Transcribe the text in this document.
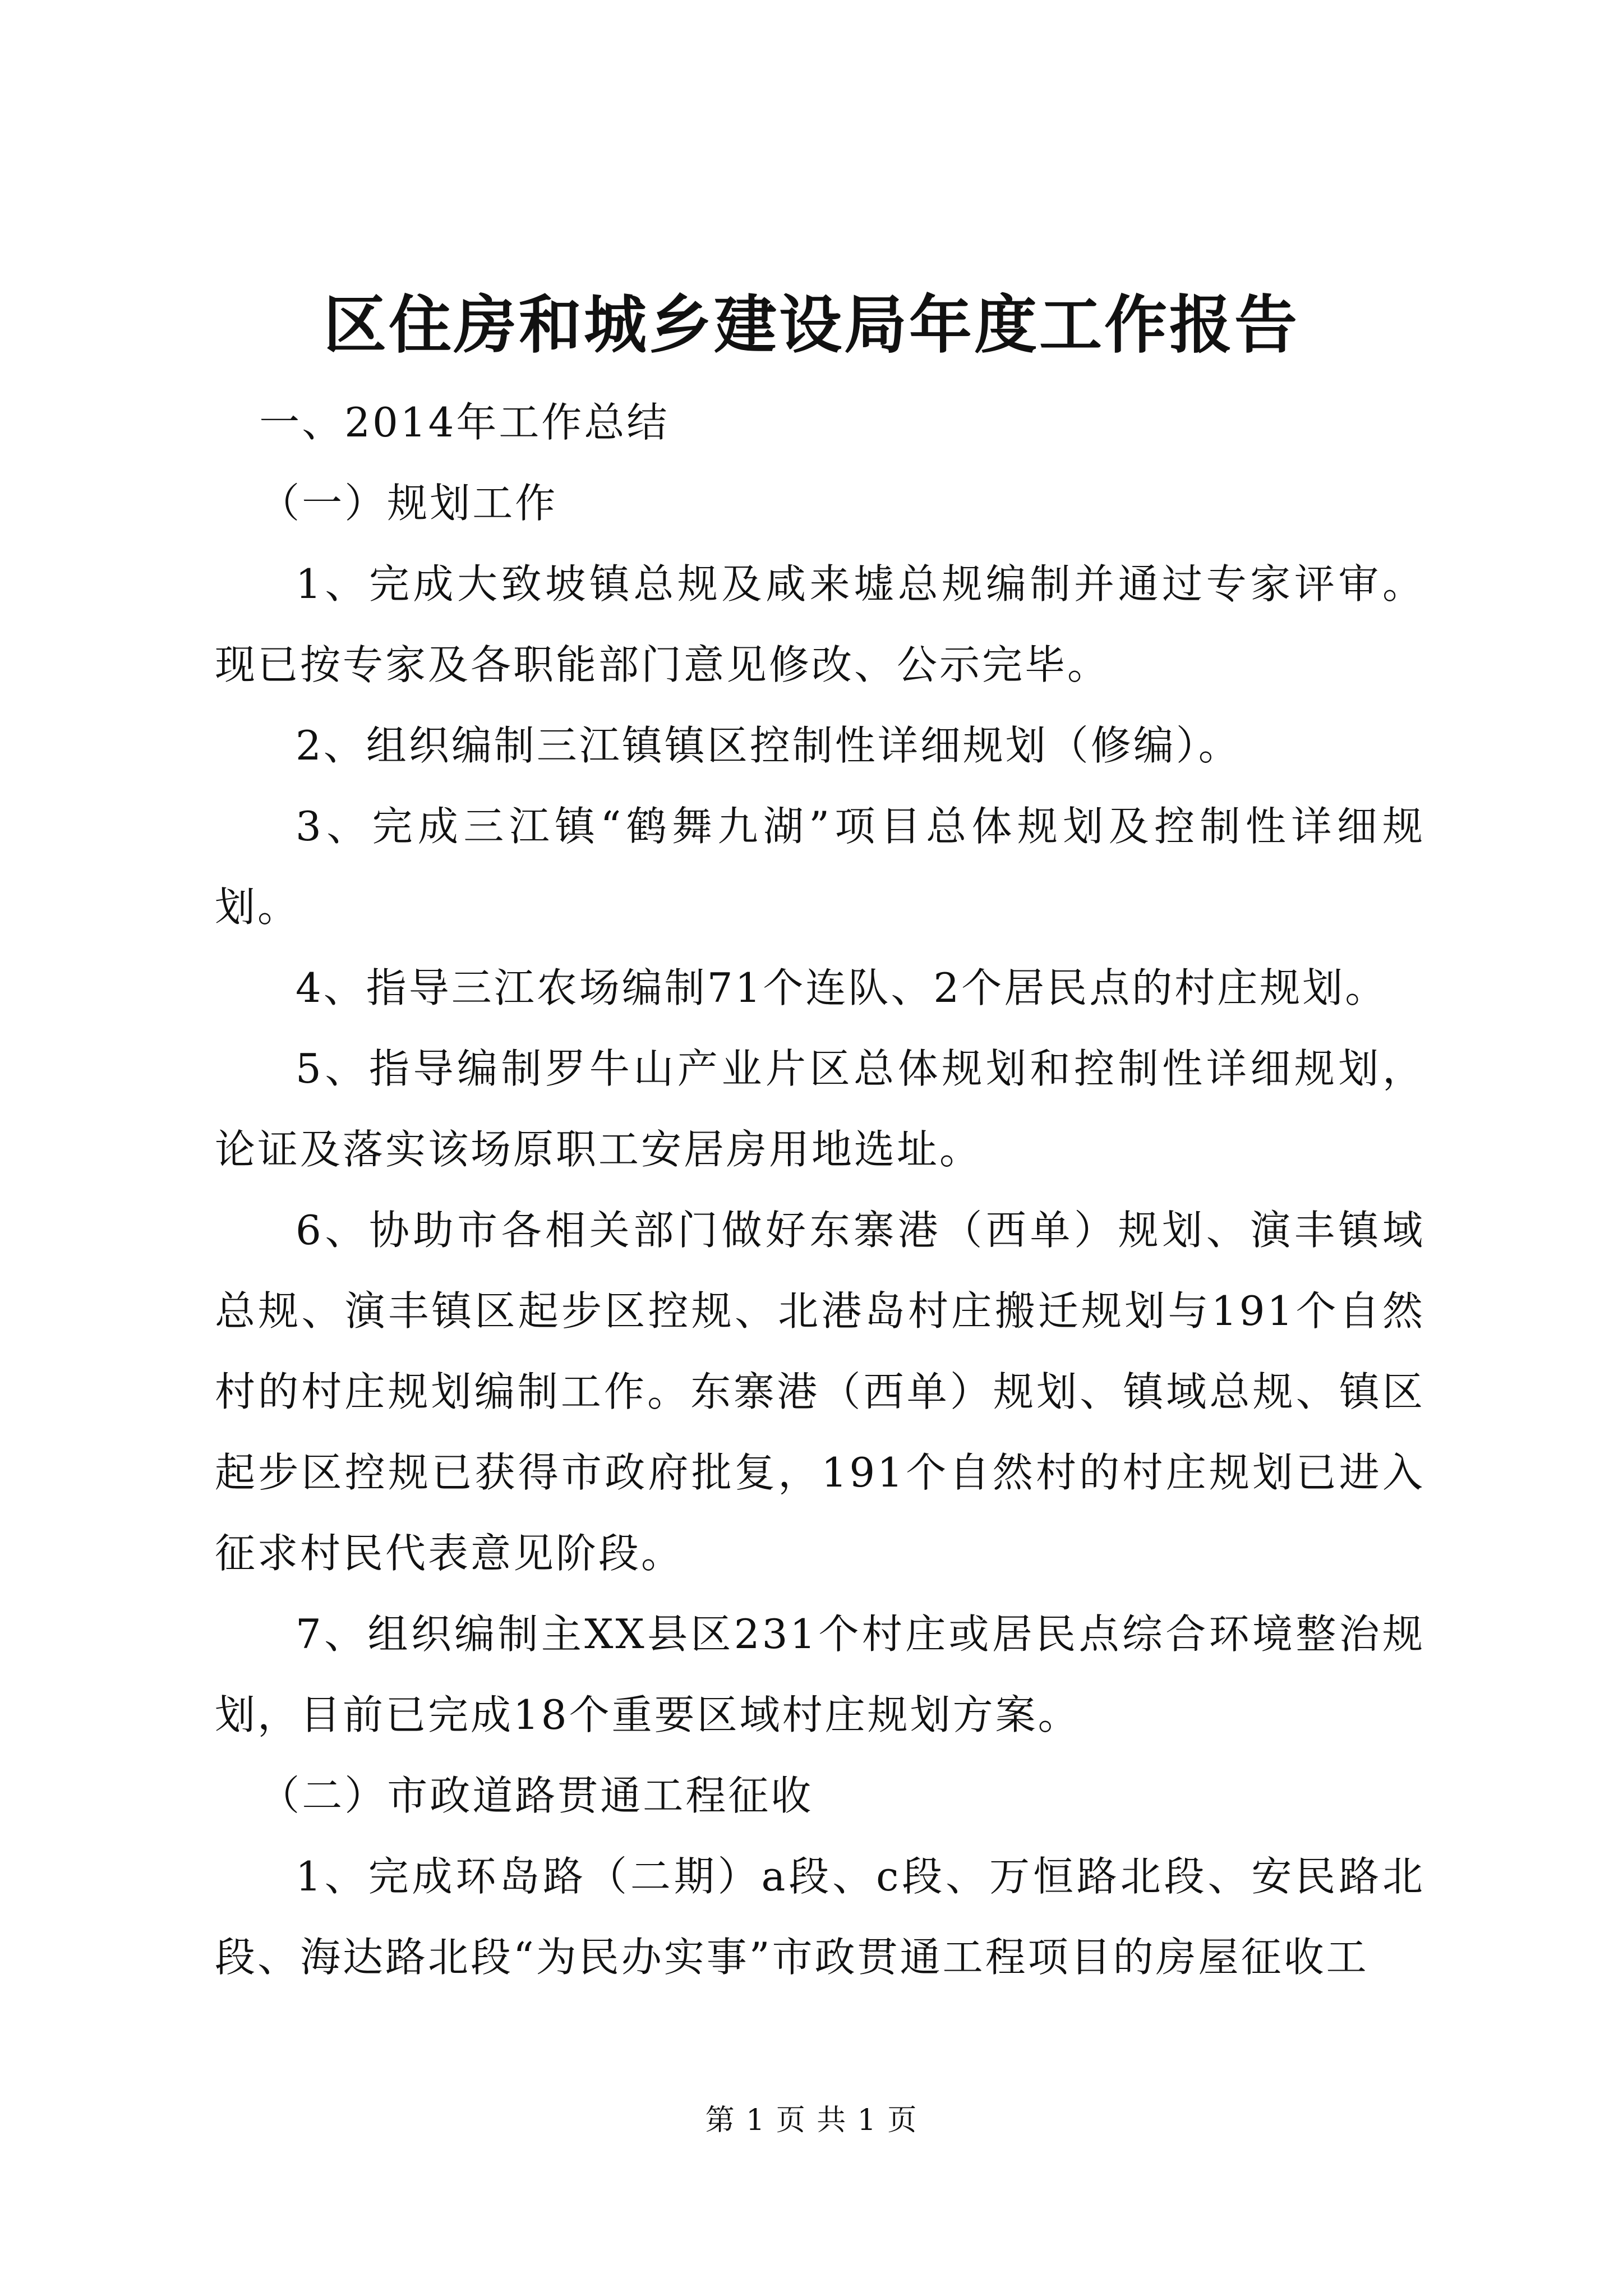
区住房和城乡建设局年度工作报告

一、2014年工作总结

（一）规划工作

1、完成大致坡镇总规及咸来墟总规编制并通过专家评审。现已按专家及各职能部门意见修改、公示完毕。

2、组织编制三江镇镇区控制性详细规划（修编）。

3、完成三江镇“鹤舞九湖”项目总体规划及控制性详细规划。

4、指导三江农场编制71个连队、2个居民点的村庄规划。

5、指导编制罗牛山产业片区总体规划和控制性详细规划，论证及落实该场原职工安居房用地选址。

6、协助市各相关部门做好东寨港（西单）规划、演丰镇域总规、演丰镇区起步区控规、北港岛村庄搬迁规划与191个自然村的村庄规划编制工作。东寨港（西单）规划、镇域总规、镇区起步区控规已获得市政府批复，191个自然村的村庄规划已进入征求村民代表意见阶段。

7、组织编制主XX县区231个村庄或居民点综合环境整治规划，目前已完成18个重要区域村庄规划方案。

（二）市政道路贯通工程征收

1、完成环岛路（二期）a段、c段、万恒路北段、安民路北段、海达路北段“为民办实事”市政贯通工程项目的房屋征收工

第 1 页 共 1 页
